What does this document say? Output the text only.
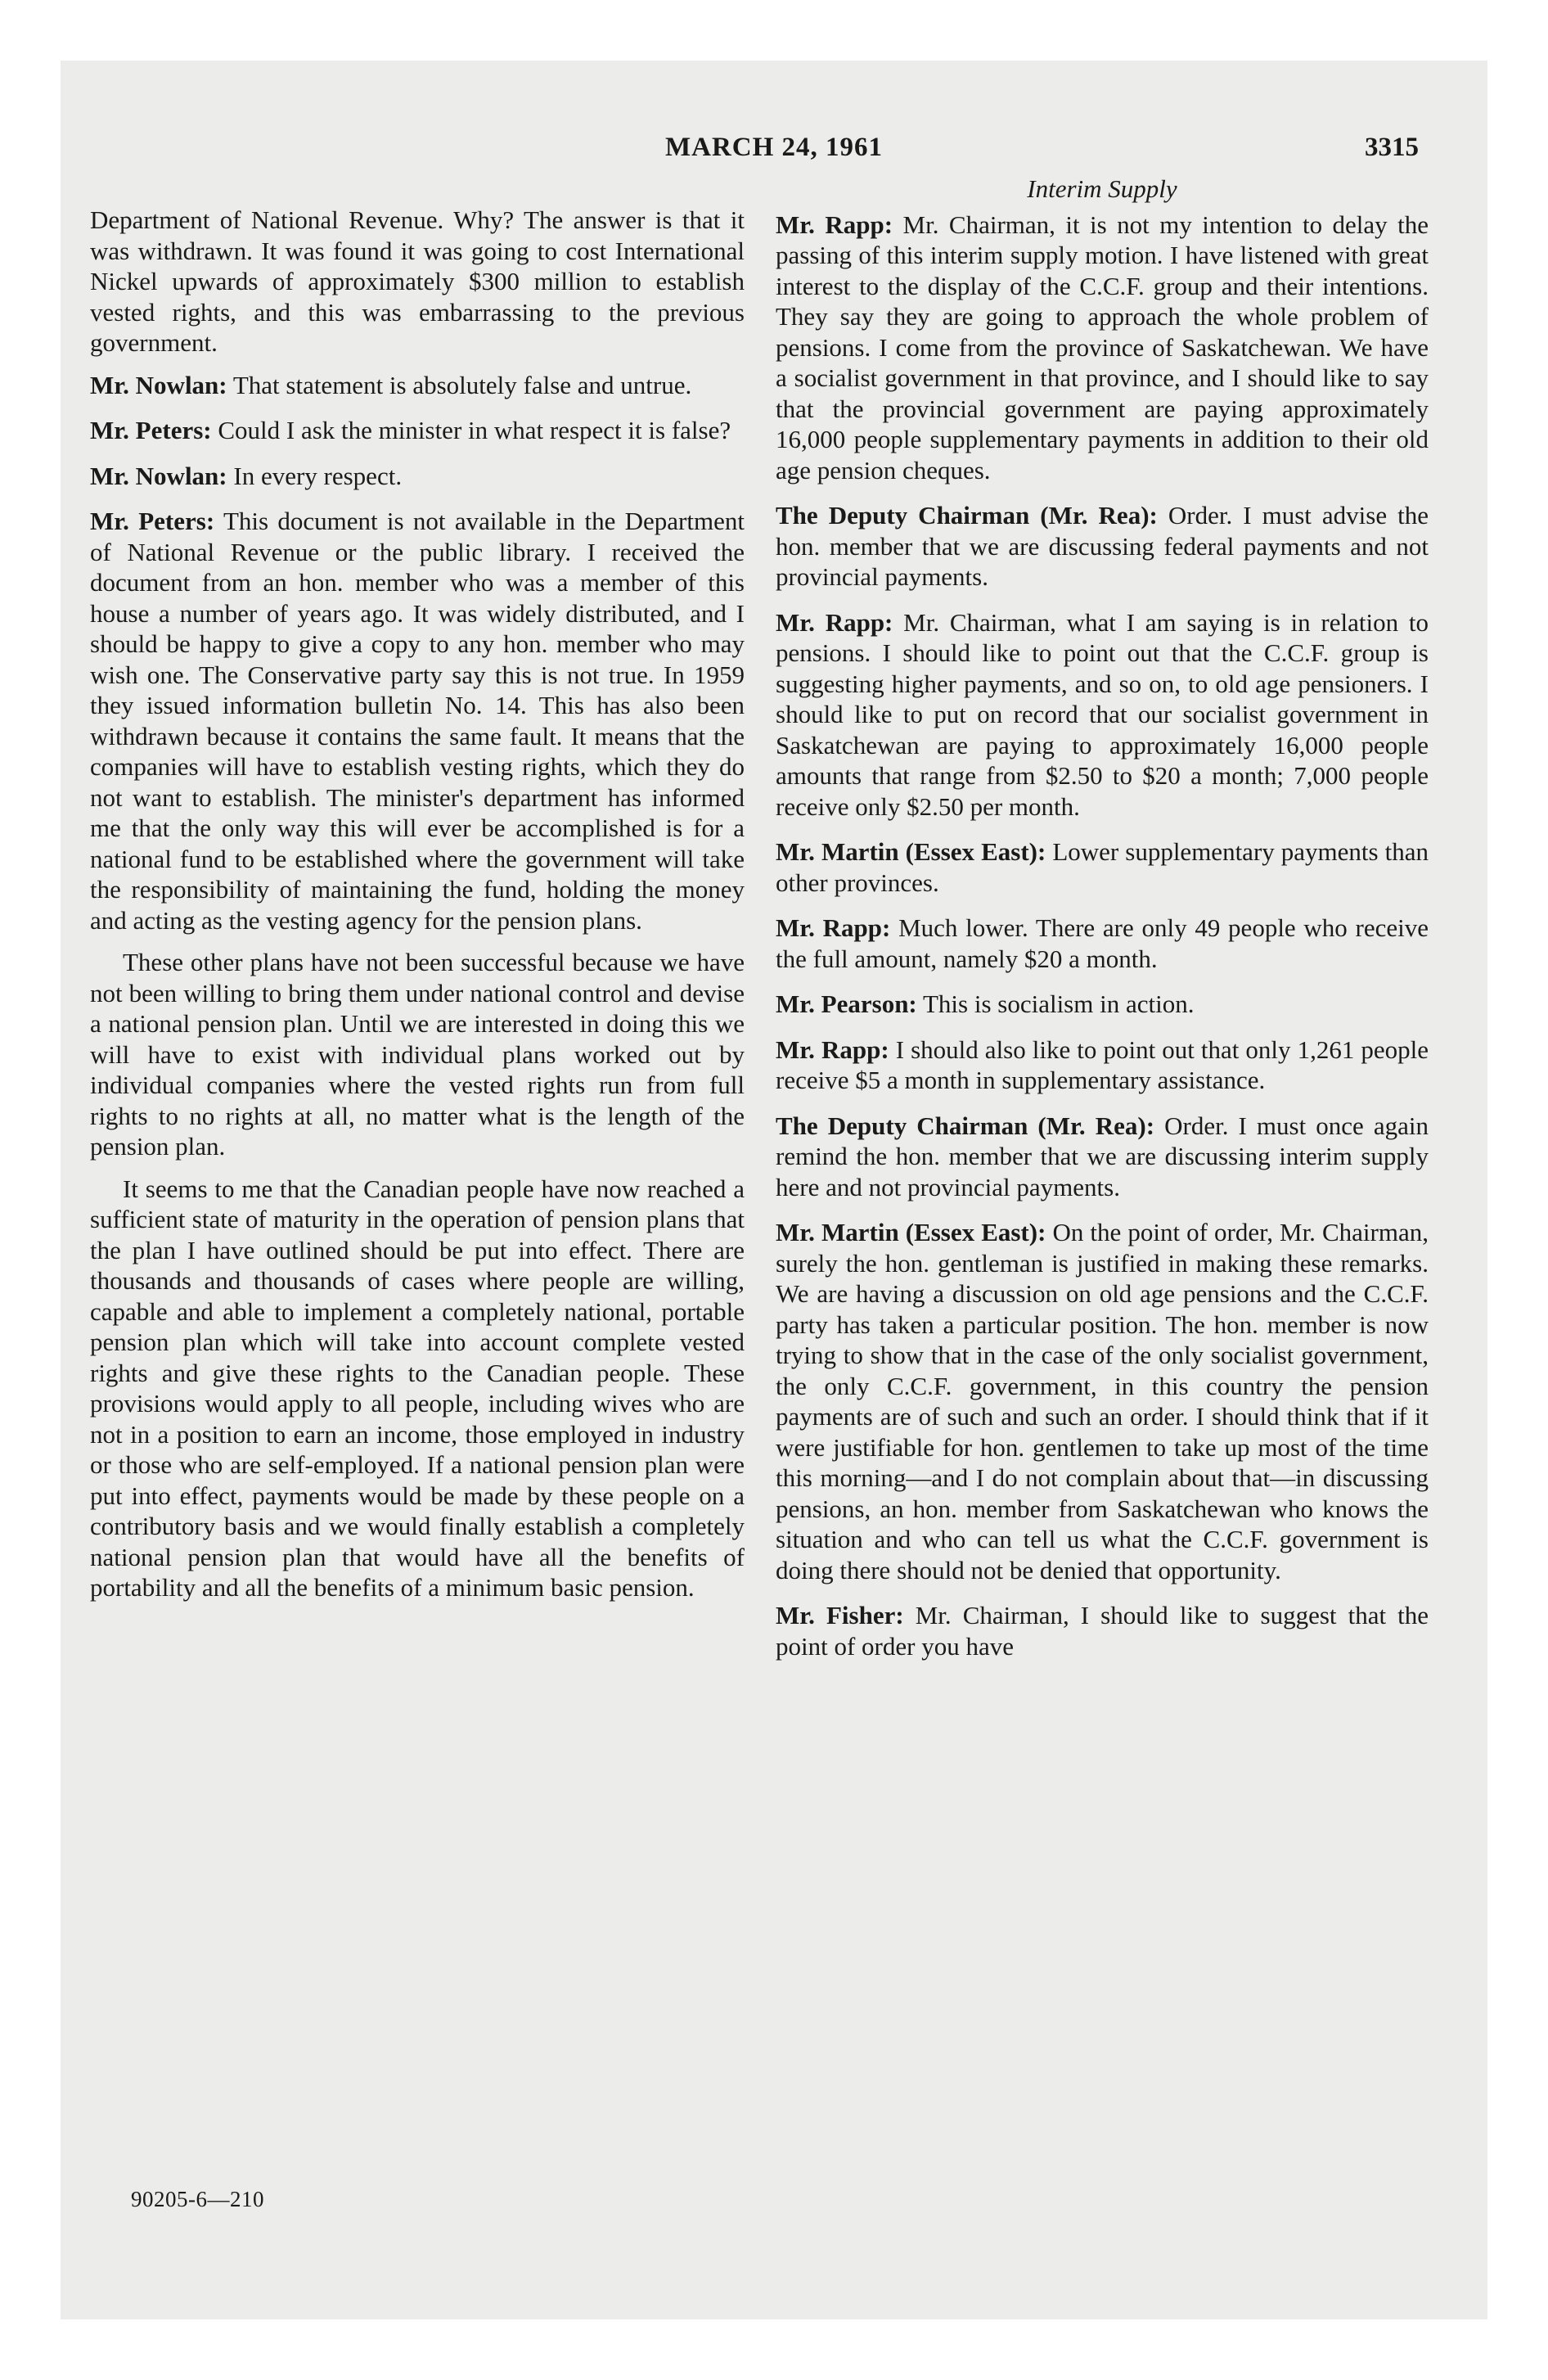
MARCH 24, 1961	3315

Department of National Revenue. Why? The answer is that it was withdrawn. It was found it was going to cost International Nickel upwards of approximately $300 million to establish vested rights, and this was embarrassing to the previous government.

Mr. Nowlan: That statement is absolutely false and untrue.

Mr. Peters: Could I ask the minister in what respect it is false?

Mr. Nowlan: In every respect.

Mr. Peters: This document is not available in the Department of National Revenue or the public library. I received the document from an hon. member who was a member of this house a number of years ago. It was widely distributed, and I should be happy to give a copy to any hon. member who may wish one. The Conservative party say this is not true. In 1959 they issued information bulletin No. 14. This has also been withdrawn because it contains the same fault. It means that the companies will have to establish vesting rights, which they do not want to establish. The minister's department has informed me that the only way this will ever be accomplished is for a national fund to be established where the government will take the responsibility of maintaining the fund, holding the money and acting as the vesting agency for the pension plans.

These other plans have not been successful because we have not been willing to bring them under national control and devise a national pension plan. Until we are interested in doing this we will have to exist with individual plans worked out by individual companies where the vested rights run from full rights to no rights at all, no matter what is the length of the pension plan.

It seems to me that the Canadian people have now reached a sufficient state of maturity in the operation of pension plans that the plan I have outlined should be put into effect. There are thousands and thousands of cases where people are willing, capable and able to implement a completely national, portable pension plan which will take into account complete vested rights and give these rights to the Canadian people. These provisions would apply to all people, including wives who are not in a position to earn an income, those employed in industry or those who are self-employed. If a national pension plan were put into effect, payments would be made by these people on a contributory basis and we would finally establish a completely national pension plan that would have all the benefits of portability and all the benefits of a minimum basic pension.

Interim Supply

Mr. Rapp: Mr. Chairman, it is not my intention to delay the passing of this interim supply motion. I have listened with great interest to the display of the C.C.F. group and their intentions. They say they are going to approach the whole problem of pensions. I come from the province of Saskatchewan. We have a socialist government in that province, and I should like to say that the provincial government are paying approximately 16,000 people supplementary payments in addition to their old age pension cheques.

The Deputy Chairman (Mr. Rea): Order. I must advise the hon. member that we are discussing federal payments and not provincial payments.

Mr. Rapp: Mr. Chairman, what I am saying is in relation to pensions. I should like to point out that the C.C.F. group is suggesting higher payments, and so on, to old age pensioners. I should like to put on record that our socialist government in Saskatchewan are paying to approximately 16,000 people amounts that range from $2.50 to $20 a month; 7,000 people receive only $2.50 per month.

Mr. Martin (Essex East): Lower supplementary payments than other provinces.

Mr. Rapp: Much lower. There are only 49 people who receive the full amount, namely $20 a month.

Mr. Pearson: This is socialism in action.

Mr. Rapp: I should also like to point out that only 1,261 people receive $5 a month in supplementary assistance.

The Deputy Chairman (Mr. Rea): Order. I must once again remind the hon. member that we are discussing interim supply here and not provincial payments.

Mr. Martin (Essex East): On the point of order, Mr. Chairman, surely the hon. gentleman is justified in making these remarks. We are having a discussion on old age pensions and the C.C.F. party has taken a particular position. The hon. member is now trying to show that in the case of the only socialist government, the only C.C.F. government, in this country the pension payments are of such and such an order. I should think that if it were justifiable for hon. gentlemen to take up most of the time this morning—and I do not complain about that—in discussing pensions, an hon. member from Saskatchewan who knows the situation and who can tell us what the C.C.F. government is doing there should not be denied that opportunity.

Mr. Fisher: Mr. Chairman, I should like to suggest that the point of order you have

90205-6—210
